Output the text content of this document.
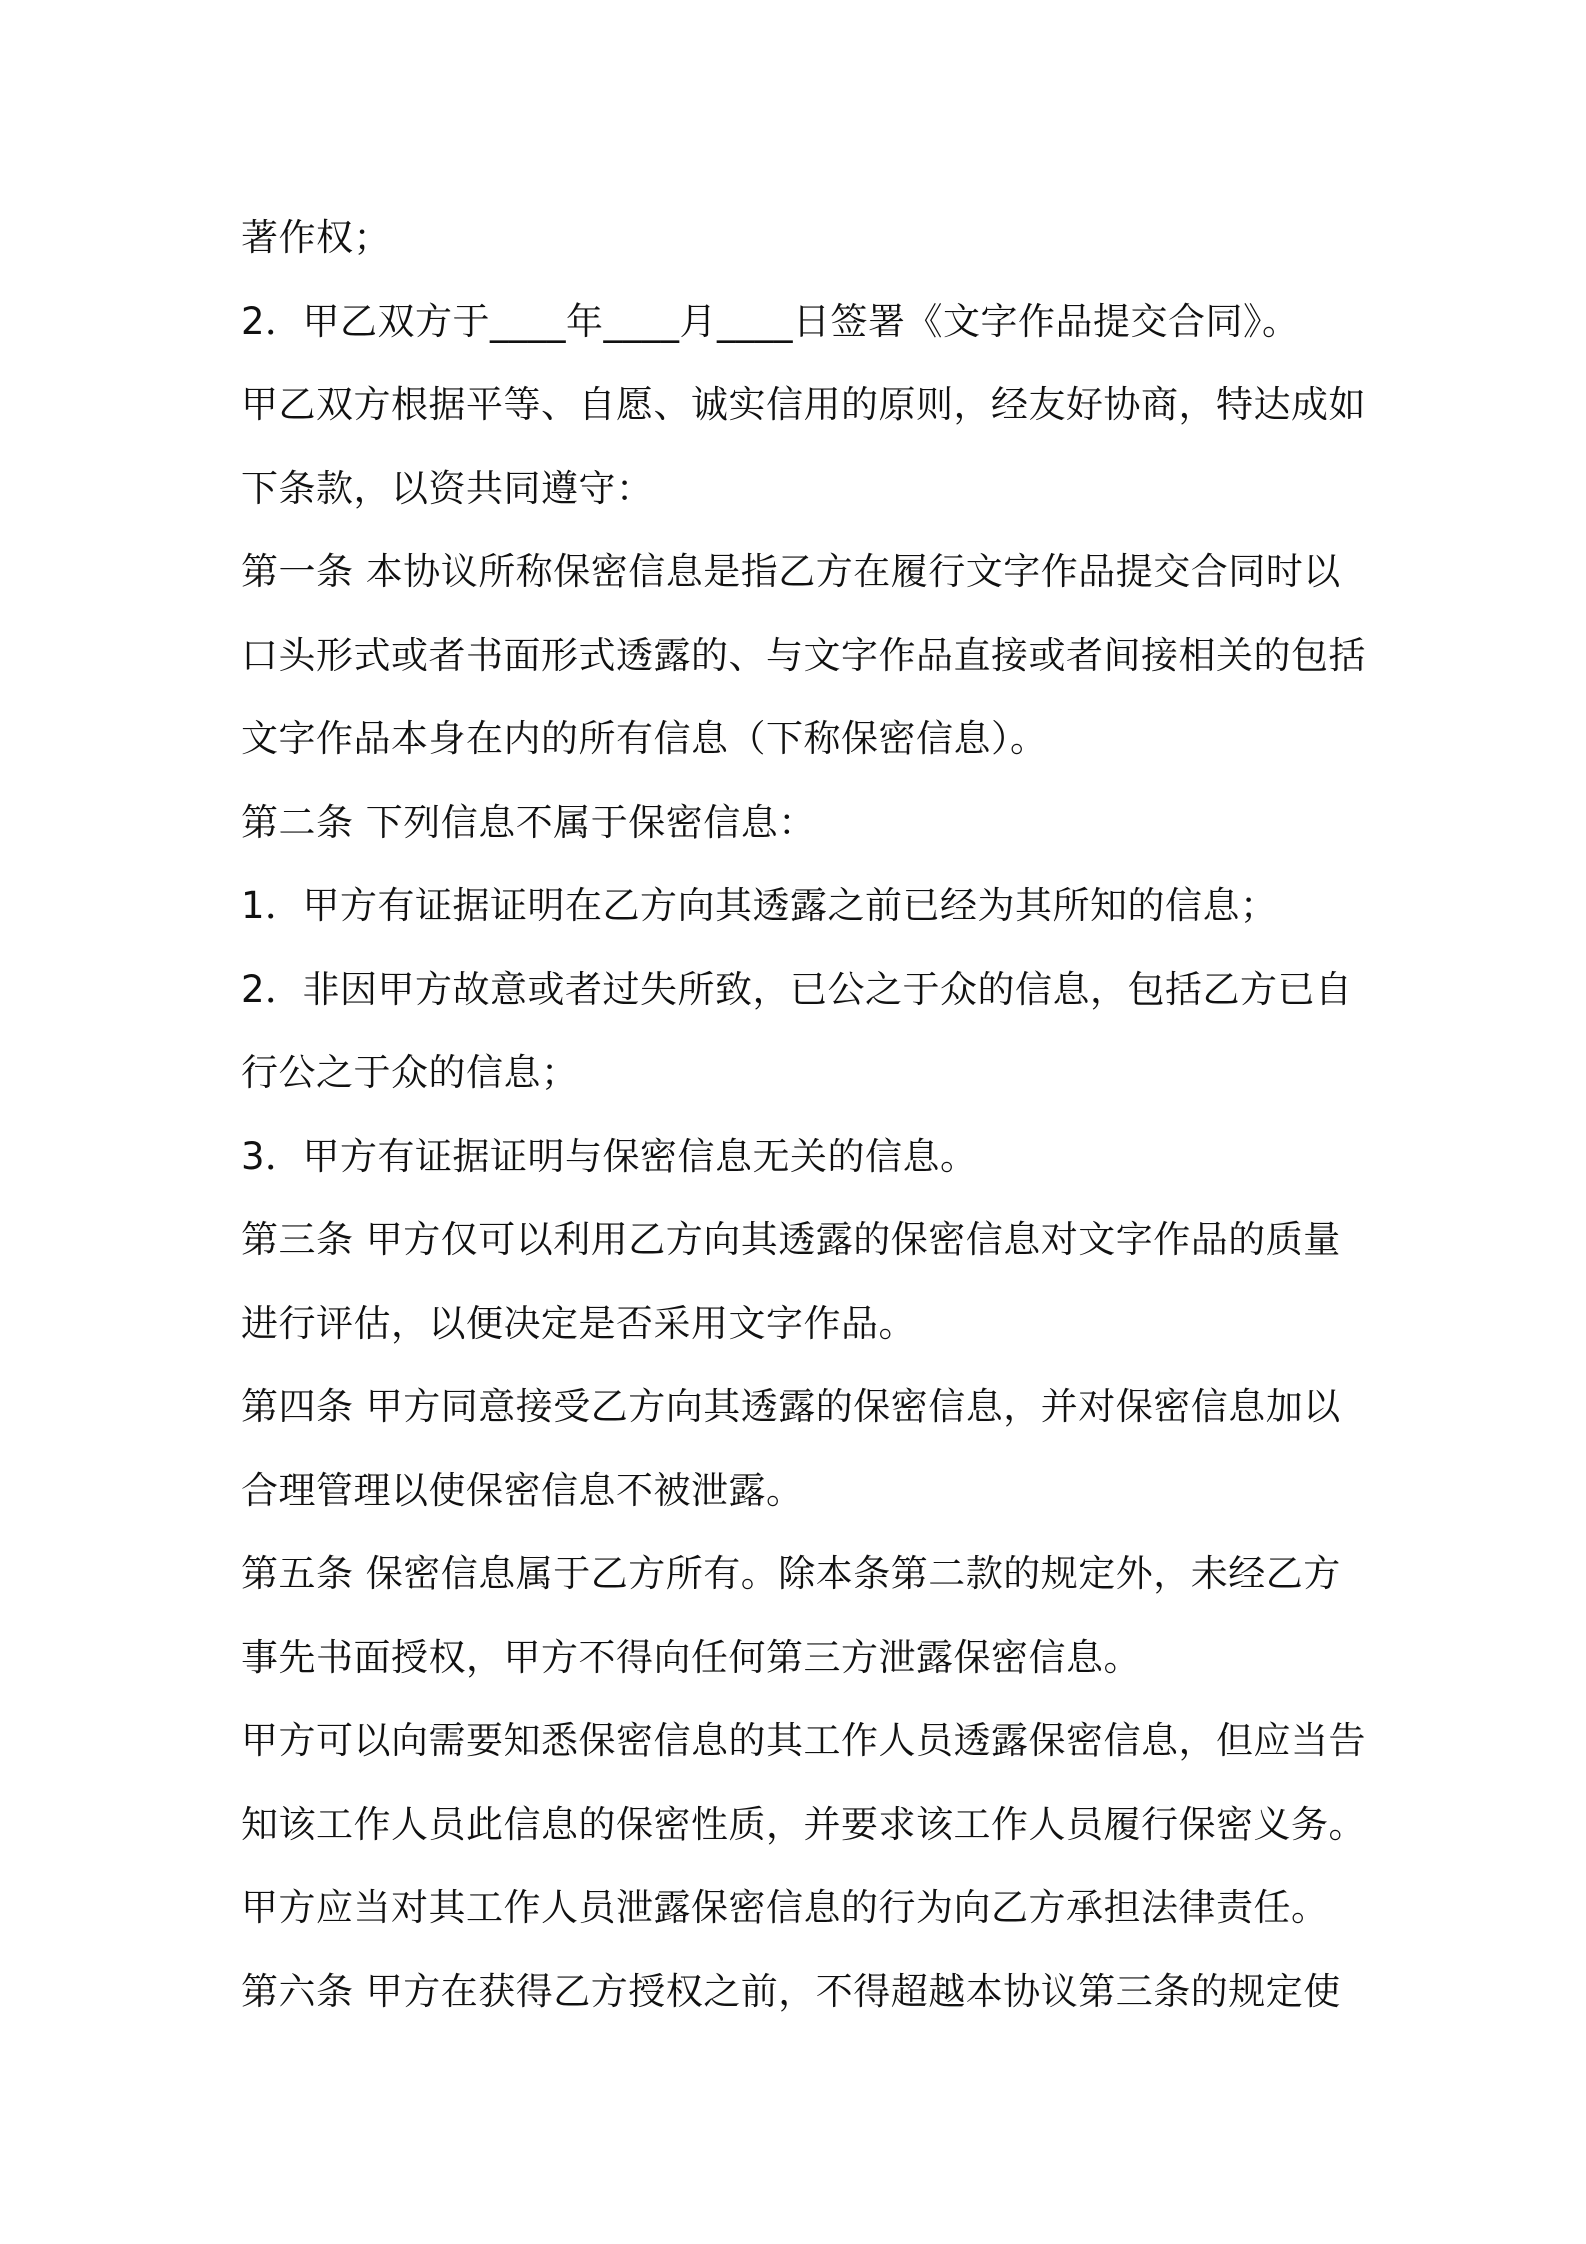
著作权；
2．甲乙双方于____年____月____日签署《文字作品提交合同》。
甲乙双方根据平等、自愿、诚实信用的原则，经友好协商，特达成如
下条款，以资共同遵守：
第一条 本协议所称保密信息是指乙方在履行文字作品提交合同时以
口头形式或者书面形式透露的、与文字作品直接或者间接相关的包括
文字作品本身在内的所有信息（下称保密信息）。
第二条 下列信息不属于保密信息：
1．甲方有证据证明在乙方向其透露之前已经为其所知的信息；
2．非因甲方故意或者过失所致，已公之于众的信息，包括乙方已自
行公之于众的信息；
3．甲方有证据证明与保密信息无关的信息。
第三条 甲方仅可以利用乙方向其透露的保密信息对文字作品的质量
进行评估，以便决定是否采用文字作品。
第四条 甲方同意接受乙方向其透露的保密信息，并对保密信息加以
合理管理以使保密信息不被泄露。
第五条 保密信息属于乙方所有。除本条第二款的规定外，未经乙方
事先书面授权，甲方不得向任何第三方泄露保密信息。
甲方可以向需要知悉保密信息的其工作人员透露保密信息，但应当告
知该工作人员此信息的保密性质，并要求该工作人员履行保密义务。
甲方应当对其工作人员泄露保密信息的行为向乙方承担法律责任。
第六条 甲方在获得乙方授权之前，不得超越本协议第三条的规定使
